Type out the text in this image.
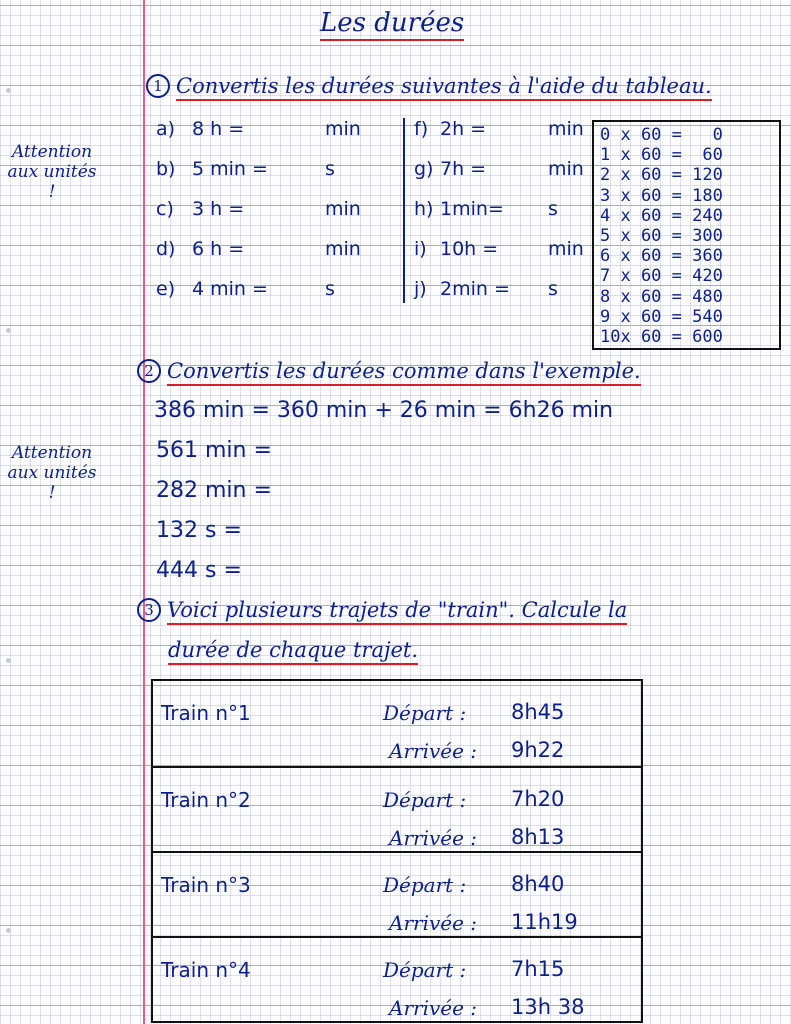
Les durées
1 Convertis les durées suivantes à l'aide du tableau.
Attention aux unités !
a) 8 h =	min
b) 5 min =	s
c) 3 h =	min
d) 6 h =	min
e) 4 min =	s
f) 2h =	min
g) 7h =	min
h) 1min= s
i) 10h =	min
j) 2min = s
0 x 60 =   0
1 x 60 =  60
2 x 60 = 120
3 x 60 = 180
4 x 60 = 240
5 x 60 = 300
6 x 60 = 360
7 x 60 = 420
8 x 60 = 480
9 x 60 = 540
10x 60 = 600
2 Convertis les durées comme dans l'exemple.
Attention aux unités !
386 min = 360 min + 26 min = 6h26 min
561 min =
282 min =
132 s =
444 s =
3 Voici plusieurs trajets de "train". Calcule la
durée de chaque trajet.
Train n°1	Départ : 8h45
Arrivée : 9h22
Train n°2	Départ : 7h20
Arrivée : 8h13
Train n°3	Départ : 8h40
Arrivée : 11h19
Train n°4	Départ : 7h15
Arrivée : 13h 38
